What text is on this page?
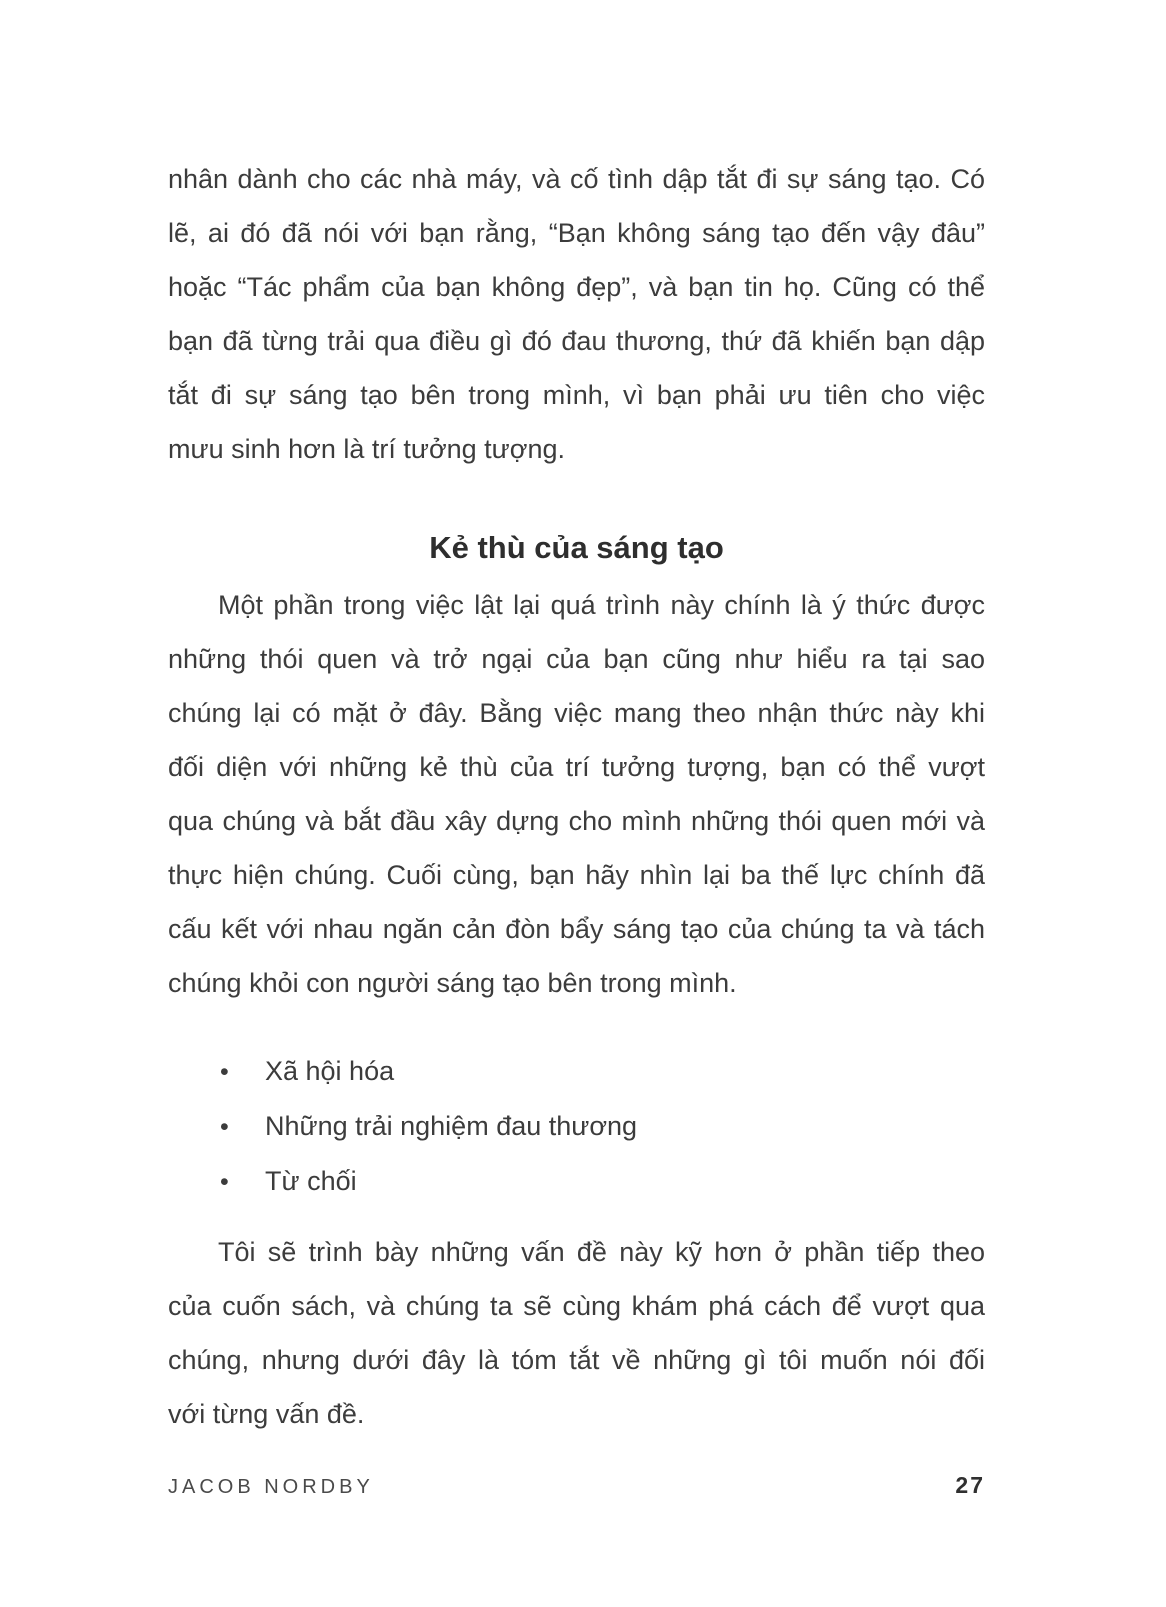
nhân dành cho các nhà máy, và cố tình dập tắt đi sự sáng tạo. Có
lẽ, ai đó đã nói với bạn rằng, “Bạn không sáng tạo đến vậy đâu”
hoặc “Tác phẩm của bạn không đẹp”, và bạn tin họ. Cũng có thể
bạn đã từng trải qua điều gì đó đau thương, thứ đã khiến bạn dập
tắt đi sự sáng tạo bên trong mình, vì bạn phải ưu tiên cho việc
mưu sinh hơn là trí tưởng tượng.
Kẻ thù của sáng tạo
Một phần trong việc lật lại quá trình này chính là ý thức được
những thói quen và trở ngại của bạn cũng như hiểu ra tại sao
chúng lại có mặt ở đây. Bằng việc mang theo nhận thức này khi
đối diện với những kẻ thù của trí tưởng tượng, bạn có thể vượt
qua chúng và bắt đầu xây dựng cho mình những thói quen mới và
thực hiện chúng. Cuối cùng, bạn hãy nhìn lại ba thế lực chính đã
cấu kết với nhau ngăn cản đòn bẩy sáng tạo của chúng ta và tách
chúng khỏi con người sáng tạo bên trong mình.
•	Xã hội hóa
•	Những trải nghiệm đau thương
•	Từ chối
Tôi sẽ trình bày những vấn đề này kỹ hơn ở phần tiếp theo
của cuốn sách, và chúng ta sẽ cùng khám phá cách để vượt qua
chúng, nhưng dưới đây là tóm tắt về những gì tôi muốn nói đối
với từng vấn đề.
JACOB NORDBY	27
